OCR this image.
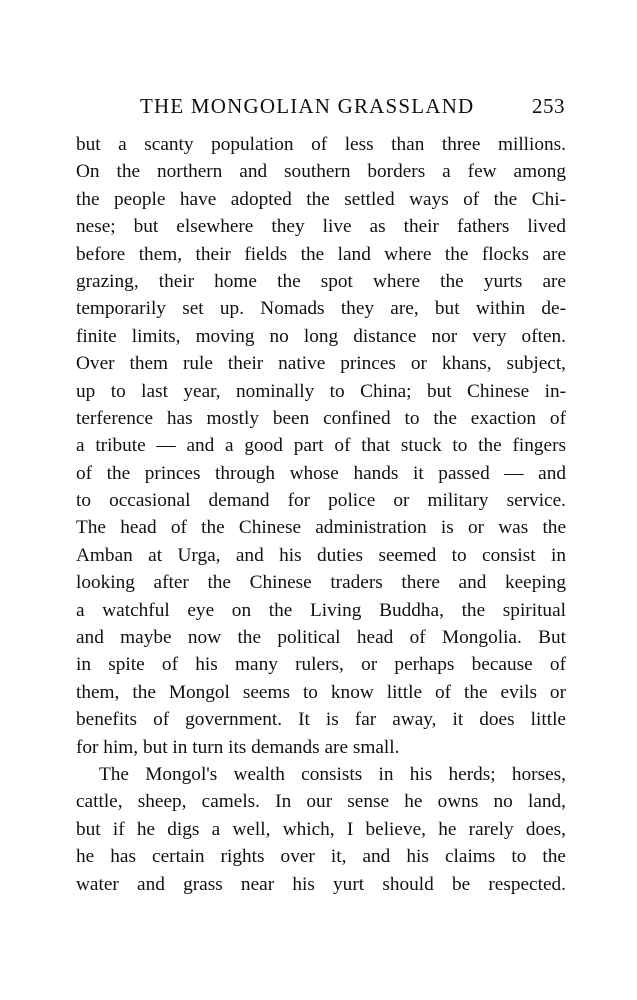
THE MONGOLIAN GRASSLAND	253
but a scanty population of less than three millions.
On the northern and southern borders a few among
the people have adopted the settled ways of the Chi-
nese; but elsewhere they live as their fathers lived
before them, their fields the land where the flocks are
grazing, their home the spot where the yurts are
temporarily set up. Nomads they are, but within de-
finite limits, moving no long distance nor very often.
Over them rule their native princes or khans, subject,
up to last year, nominally to China; but Chinese in-
terference has mostly been confined to the exaction of
a tribute — and a good part of that stuck to the fingers
of the princes through whose hands it passed — and
to occasional demand for police or military service.
The head of the Chinese administration is or was the
Amban at Urga, and his duties seemed to consist in
looking after the Chinese traders there and keeping
a watchful eye on the Living Buddha, the spiritual
and maybe now the political head of Mongolia. But
in spite of his many rulers, or perhaps because of
them, the Mongol seems to know little of the evils or
benefits of government. It is far away, it does little
for him, but in turn its demands are small.
The Mongol's wealth consists in his herds; horses,
cattle, sheep, camels. In our sense he owns no land,
but if he digs a well, which, I believe, he rarely does,
he has certain rights over it, and his claims to the
water and grass near his yurt should be respected.
